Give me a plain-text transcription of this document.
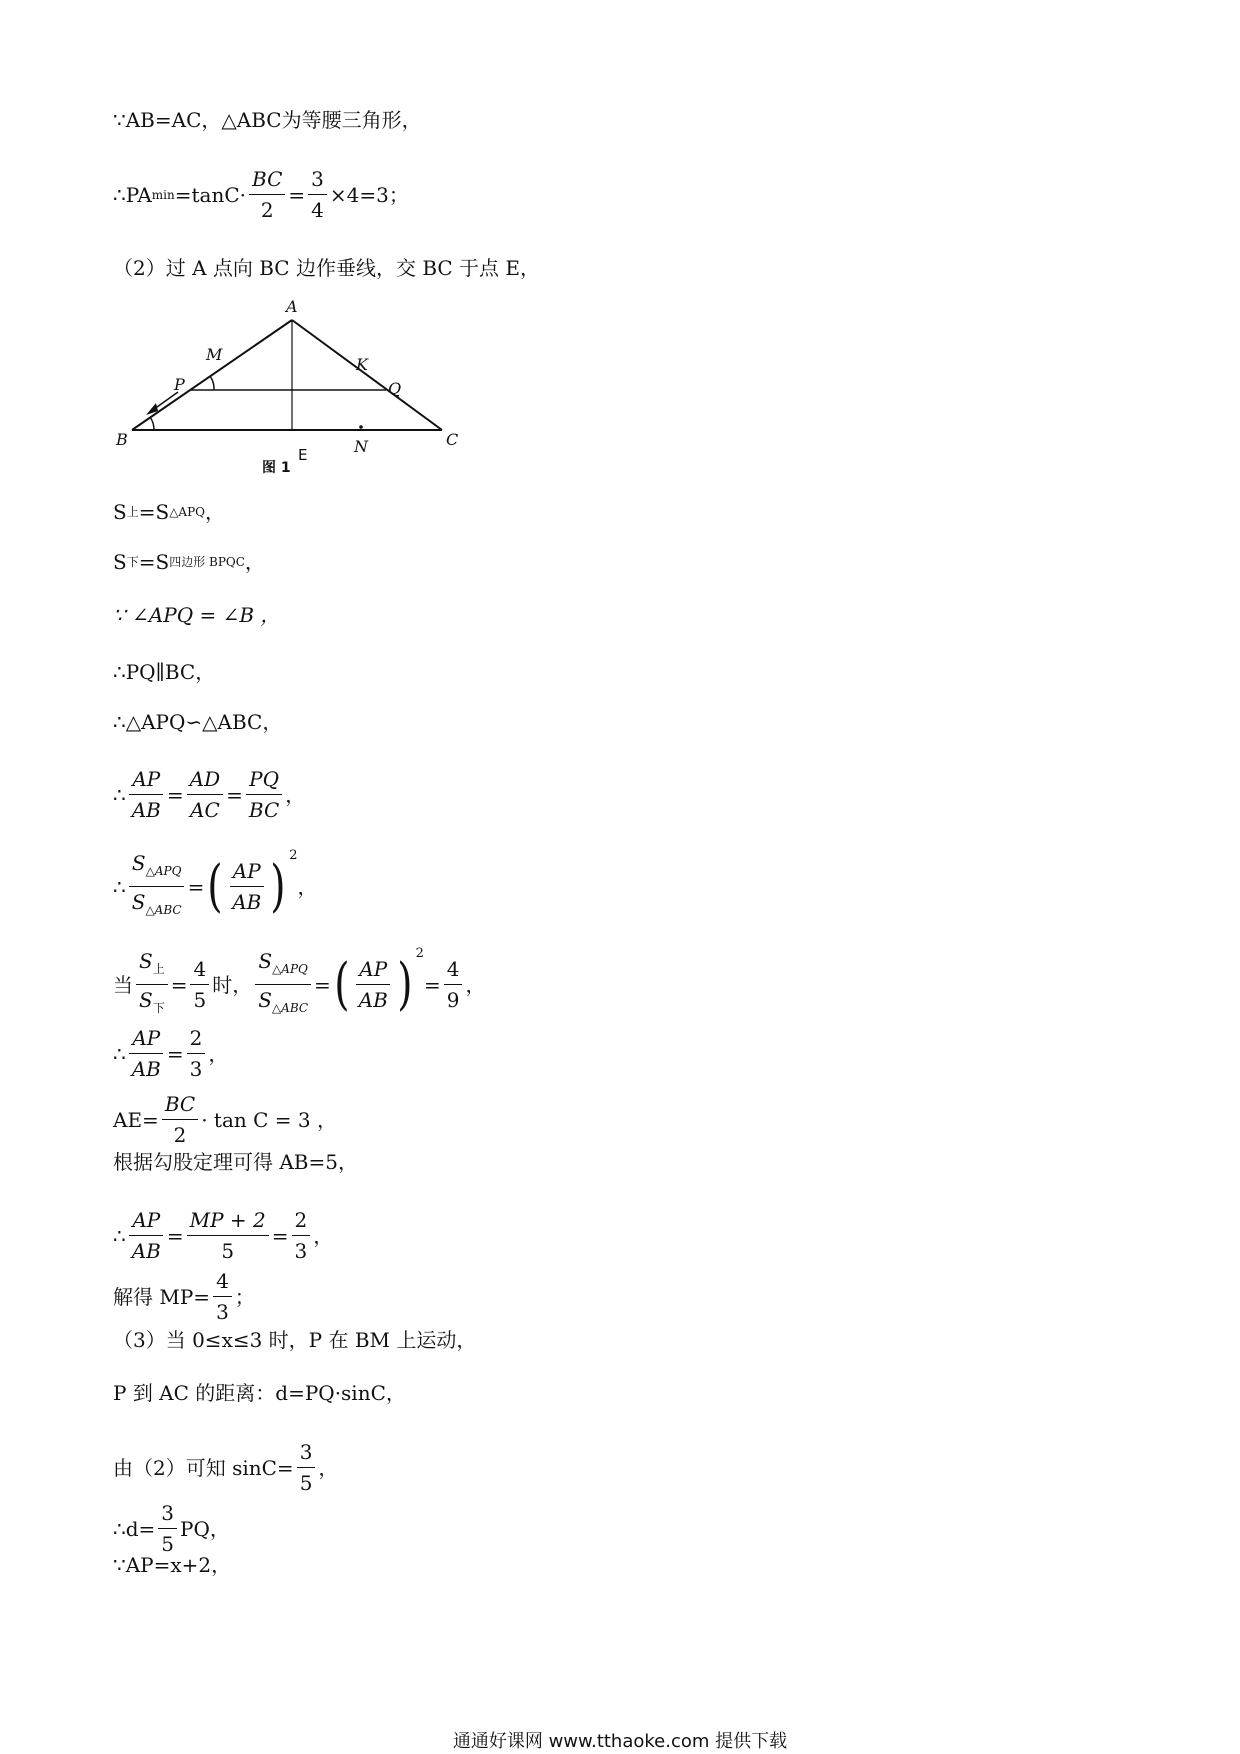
∵AB=AC，△ABC为等腰三角形，
∴PA $\min =\tan C\cdot \frac{BC}{2} = \frac{3}{4} \times 4=3$；
（2）过 A 点向 BC 边作垂线，交 BC 于点 E，
A
B	C
M
K
P	Q
N
E
图 1
S 上 =S △APQ ，
S 下 =S 四边形 BPQC ，
∵ ∠APQ = ∠B ，
∴PQ∥BC，
∴△APQ∽△ABC，
∴ $\frac{AP}{AB} = \frac{AD}{AC} = \frac{PQ}{BC}$ ，
∴ $\frac{S_{\triangle APQ}}{S_{\triangle ABC}}$ = ( $\frac{AP}{AB}$ ) 2
，
当 $\frac{S_上}{S_下} = \frac{4}{5}$ 时， $\frac{S_{\triangle APQ}}{S_{\triangle ABC}}$ = ( $\frac{AP}{AB}$ ) 2
= $\frac{4}{9}$ ，
∴ $\frac{AP}{AB} = \frac{2}{3}$ ，
$AE= \frac{BC}{2} \cdot \tan C = 3$ ，
根据勾股定理可得 AB=5，
∴ $\frac{AP}{AB} = \frac{MP + 2}{5} = \frac{2}{3}$ ，
解得 $MP= \frac{4}{3}$ ；
（3）当 0≤x≤3 时，P 在 BM 上运动，
P 到 AC 的距离：d=PQ·sinC，
由（2）可知 $\sin C= \frac{3}{5}$ ，
∴d= $\frac{3}{5}$ PQ，
∵AP=x+2，
通通好课网 www.tthaoke.com 提供下载
